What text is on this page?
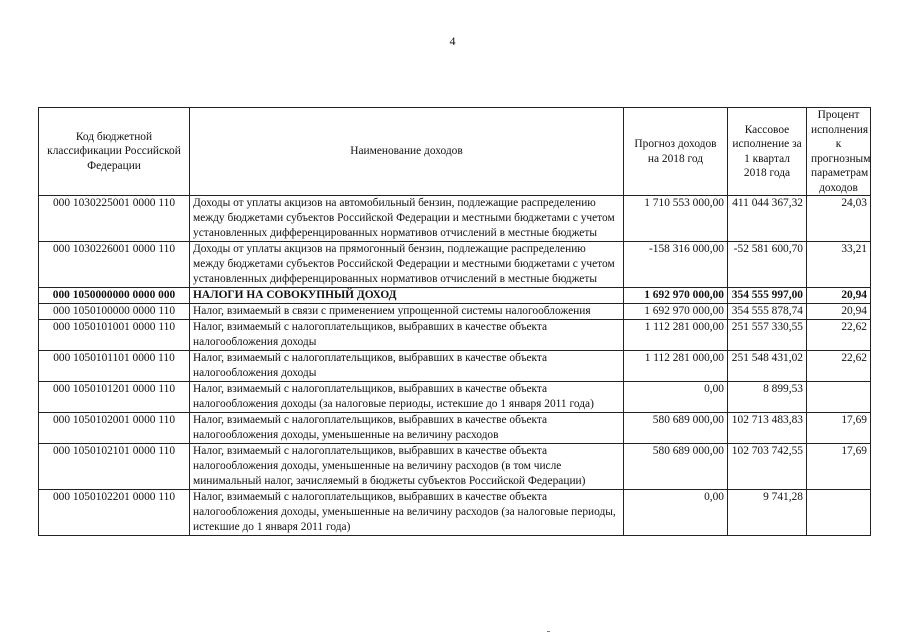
4
Код бюджетной классификации Российской Федерации	Наименование доходов	Прогноз доходов на 2018 год	Кассовое исполнение за 1 квартал 2018 года	Процент исполнения к прогнозным параметрам доходов
000 1030225001 0000 110	Доходы от уплаты акцизов на автомобильный бензин, подлежащие распределению между бюджетами субъектов Российской Федерации и местными бюджетами с учетом установленных дифференцированных нормативов отчислений в местные бюджеты	1 710 553 000,00	411 044 367,32	24,03
000 1030226001 0000 110	Доходы от уплаты акцизов на прямогонный бензин, подлежащие распределению между бюджетами субъектов Российской Федерации и местными бюджетами с учетом установленных дифференцированных нормативов отчислений в местные бюджеты	-158 316 000,00	-52 581 600,70	33,21
000 1050000000 0000 000	НАЛОГИ НА СОВОКУПНЫЙ ДОХОД	1 692 970 000,00	354 555 997,00	20,94
000 1050100000 0000 110	Налог, взимаемый в связи с применением упрощенной системы налогообложения	1 692 970 000,00	354 555 878,74	20,94
000 1050101001 0000 110	Налог, взимаемый с налогоплательщиков, выбравших в качестве объекта налогообложения доходы	1 112 281 000,00	251 557 330,55	22,62
000 1050101101 0000 110	Налог, взимаемый с налогоплательщиков, выбравших в качестве объекта налогообложения доходы	1 112 281 000,00	251 548 431,02	22,62
000 1050101201 0000 110	Налог, взимаемый с налогоплательщиков, выбравших в качестве объекта налогообложения доходы (за налоговые периоды, истекшие до 1 января 2011 года)	0,00	8 899,53	
000 1050102001 0000 110	Налог, взимаемый с налогоплательщиков, выбравших в качестве объекта налогообложения доходы, уменьшенные на величину расходов	580 689 000,00	102 713 483,83	17,69
000 1050102101 0000 110	Налог, взимаемый с налогоплательщиков, выбравших в качестве объекта налогообложения доходы, уменьшенные на величину расходов (в том числе минимальный налог, зачисляемый в бюджеты субъектов Российской Федерации)	580 689 000,00	102 703 742,55	17,69
000 1050102201 0000 110	Налог, взимаемый с налогоплательщиков, выбравших в качестве объекта налогообложения доходы, уменьшенные на величину расходов (за налоговые периоды, истекшие до 1 января 2011 года)	0,00	9 741,28	
